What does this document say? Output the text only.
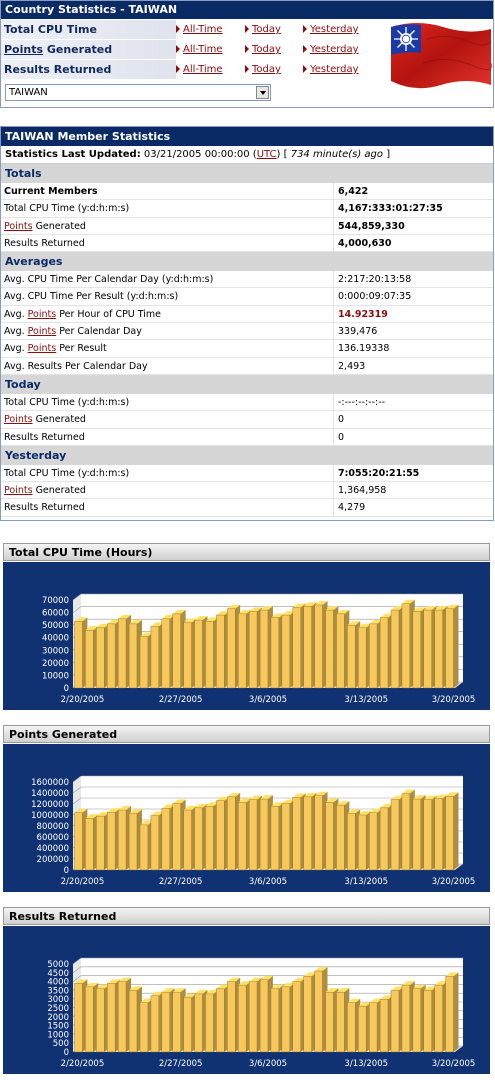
Country Statistics - TAIWAN
Total CPU Time	All-Time	Today	Yesterday
Points Generated	All-Time	Today	Yesterday
Results Returned	All-Time	Today	Yesterday
TAIWAN
TAIWAN Member Statistics
Statistics Last Updated: 03/21/2005 00:00:00 (UTC) [ 734 minute(s) ago ]
Totals
Current Members	6,422
Total CPU Time (y:d:h:m:s)	4,167:333:01:27:35
Points Generated	544,859,330
Results Returned	4,000,630
Averages
Avg. CPU Time Per Calendar Day (y:d:h:m:s)	2:217:20:13:58
Avg. CPU Time Per Result (y:d:h:m:s)	0:000:09:07:35
Avg. Points Per Hour of CPU Time	14.92319
Avg. Points Per Calendar Day	339,476
Avg. Points Per Result	136.19338
Avg. Results Per Calendar Day	2,493
Today
Total CPU Time (y:d:h:m:s)	-:---:--:--:--
Points Generated	0
Results Returned	0
Yesterday
Total CPU Time (y:d:h:m:s)	7:055:20:21:55
Points Generated	1,364,958
Results Returned	4,279
Total CPU Time (Hours)
0
10000
20000
30000
40000
50000
60000
70000
2/20/2005	2/27/2005	3/6/2005	3/13/2005	3/20/2005
Points Generated
0
200000
400000
600000
800000
1000000
1200000
1400000
1600000
2/20/2005	2/27/2005	3/6/2005	3/13/2005	3/20/2005
Results Returned
0
500
1000
1500
2000
2500
3000
3500
4000
4500
5000
2/20/2005	2/27/2005	3/6/2005	3/13/2005	3/20/2005
